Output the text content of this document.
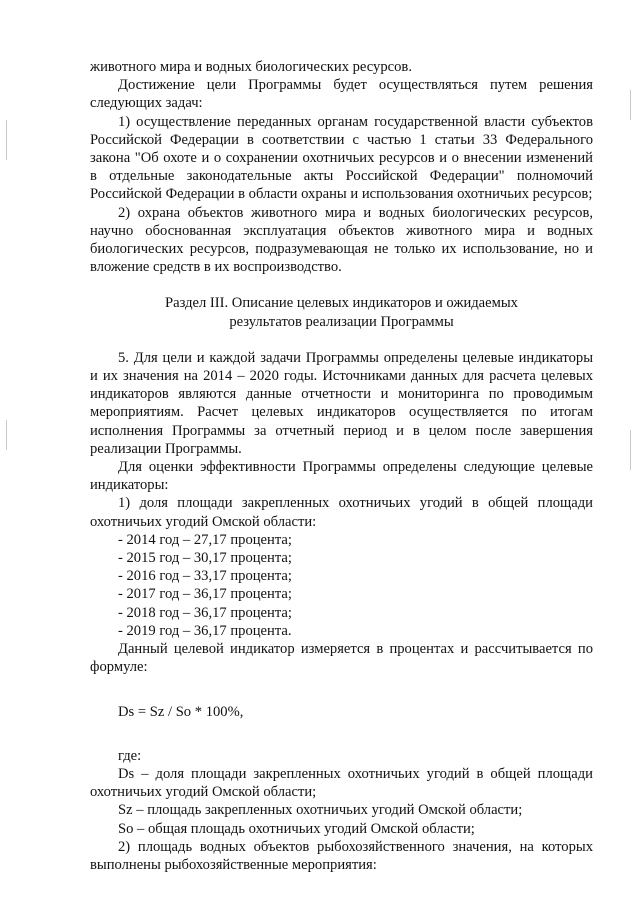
животного мира и водных биологических ресурсов.

Достижение цели Программы будет осуществляться путем решения следующих задач:

1) осуществление переданных органам государственной власти субъектов Российской Федерации в соответствии с частью 1 статьи 33 Федерального закона "Об охоте и о сохранении охотничьих ресурсов и о внесении изменений в отдельные законодательные акты Российской Федерации" полномочий Российской Федерации в области охраны и использования охотничьих ресурсов;

2) охрана объектов животного мира и водных биологических ресурсов, научно обоснованная эксплуатация объектов животного мира и водных биологических ресурсов, подразумевающая не только их использование, но и вложение средств в их воспроизводство.

Раздел III. Описание целевых индикаторов и ожидаемых

результатов реализации Программы

5. Для цели и каждой задачи Программы определены целевые индикаторы и их значения на 2014 – 2020 годы. Источниками данных для расчета целевых индикаторов являются данные отчетности и мониторинга по проводимым мероприятиям. Расчет целевых индикаторов осуществляется по итогам исполнения Программы за отчетный период и в целом после завершения реализации Программы.

Для оценки эффективности Программы определены следующие целевые индикаторы:

1) доля площади закрепленных охотничьих угодий в общей площади охотничьих угодий Омской области:

- 2014 год – 27,17 процента;

- 2015 год – 30,17 процента;

- 2016 год – 33,17 процента;

- 2017 год – 36,17 процента;

- 2018 год – 36,17 процента;

- 2019 год – 36,17 процента.

Данный целевой индикатор измеряется в процентах и рассчитывается по формуле:

Ds = Sz / So * 100%,

где:

Ds – доля площади закрепленных охотничьих угодий в общей площади охотничьих угодий Омской области;

Sz – площадь закрепленных охотничьих угодий Омской области;

So – общая площадь охотничьих угодий Омской области;

2) площадь водных объектов рыбохозяйственного значения, на которых выполнены рыбохозяйственные мероприятия:
